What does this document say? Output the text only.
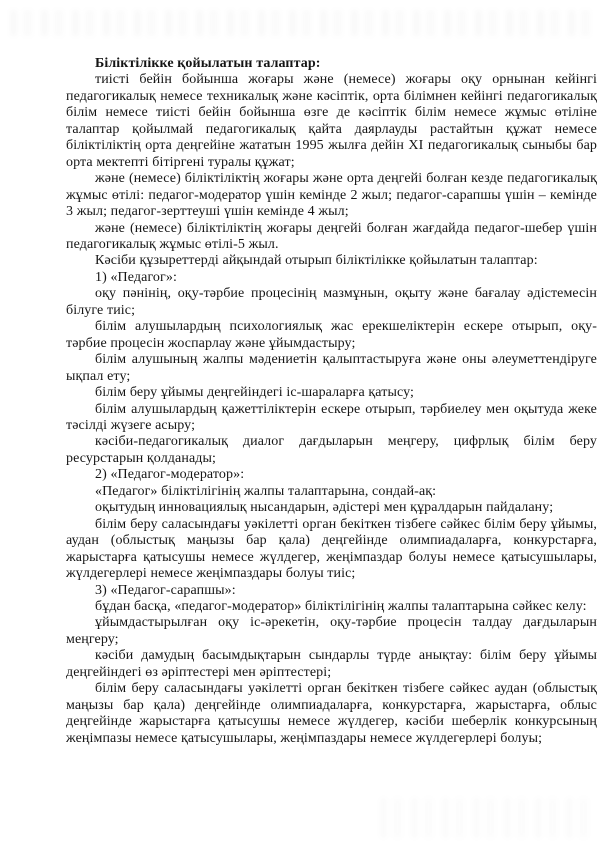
Біліктілікке қойылатын талаптар:

тиісті бейін бойынша жоғары және (немесе) жоғары оқу орнынан кейінгі педагогикалық немесе техникалық және кәсіптік, орта білімнен кейінгі педагогикалық білім немесе тиісті бейін бойынша өзге де кәсіптік білім немесе жұмыс өтіліне талаптар қойылмай педагогикалық қайта даярлауды растайтын құжат немесе біліктіліктің орта деңгейіне жататын 1995 жылға дейін XI педагогикалық сыныбы бар орта мектепті бітіргені туралы құжат;

және (немесе) біліктіліктің жоғары және орта деңгейі болған кезде педагогикалық жұмыс өтілі: педагог-модератор үшін кемінде 2 жыл; педагог-сарапшы үшін – кемінде 3 жыл; педагог-зерттеуші үшін кемінде 4 жыл;

және (немесе) біліктіліктің жоғары деңгейі болған жағдайда педагог-шебер үшін педагогикалық жұмыс өтілі-5 жыл.

Кәсіби құзыреттерді айқындай отырып біліктілікке қойылатын талаптар:

1) «Педагог»:

оқу пәнінің, оқу-тәрбие процесінің мазмұнын, оқыту және бағалау әдістемесін білуге тиіс;

білім алушылардың психологиялық жас ерекшеліктерін ескере отырып, оқу-тәрбие процесін жоспарлау және ұйымдастыру;

білім алушының жалпы мәдениетін қалыптастыруға және оны әлеуметтендіруге ықпал ету;

білім беру ұйымы деңгейіндегі іс-шараларға қатысу;

білім алушылардың қажеттіліктерін ескере отырып, тәрбиелеу мен оқытуда жеке тәсілді жүзеге асыру;

кәсіби-педагогикалық диалог дағдыларын меңгеру, цифрлық білім беру ресурстарын қолданады;

2) «Педагог-модератор»:

«Педагог» біліктілігінің жалпы талаптарына, сондай-ақ:

оқытудың инновациялық нысандарын, әдістері мен құралдарын пайдалану;

білім беру саласындағы уәкілетті орган бекіткен тізбеге сәйкес білім беру ұйымы, аудан (облыстық маңызы бар қала) деңгейінде олимпиадаларға, конкурстарға, жарыстарға қатысушы немесе жүлдегер, жеңімпаздар болуы немесе қатысушылары, жүлдегерлері немесе жеңімпаздары болуы тиіс;

3) «Педагог-сарапшы»:

бұдан басқа, «педагог-модератор» біліктілігінің жалпы талаптарына сәйкес келу:

ұйымдастырылған оқу іс-әрекетін, оқу-тәрбие процесін талдау дағдыларын меңгеру;

кәсіби дамудың басымдықтарын сындарлы түрде анықтау: білім беру ұйымы деңгейіндегі өз әріптестері мен әріптестері;

білім беру саласындағы уәкілетті орган бекіткен тізбеге сәйкес аудан (облыстық маңызы бар қала) деңгейінде олимпиадаларға, конкурстарға, жарыстарға, облыс деңгейінде жарыстарға қатысушы немесе жүлдегер, кәсіби шеберлік конкурсының жеңімпазы немесе қатысушылары, жеңімпаздары немесе жүлдегерлері болуы;
